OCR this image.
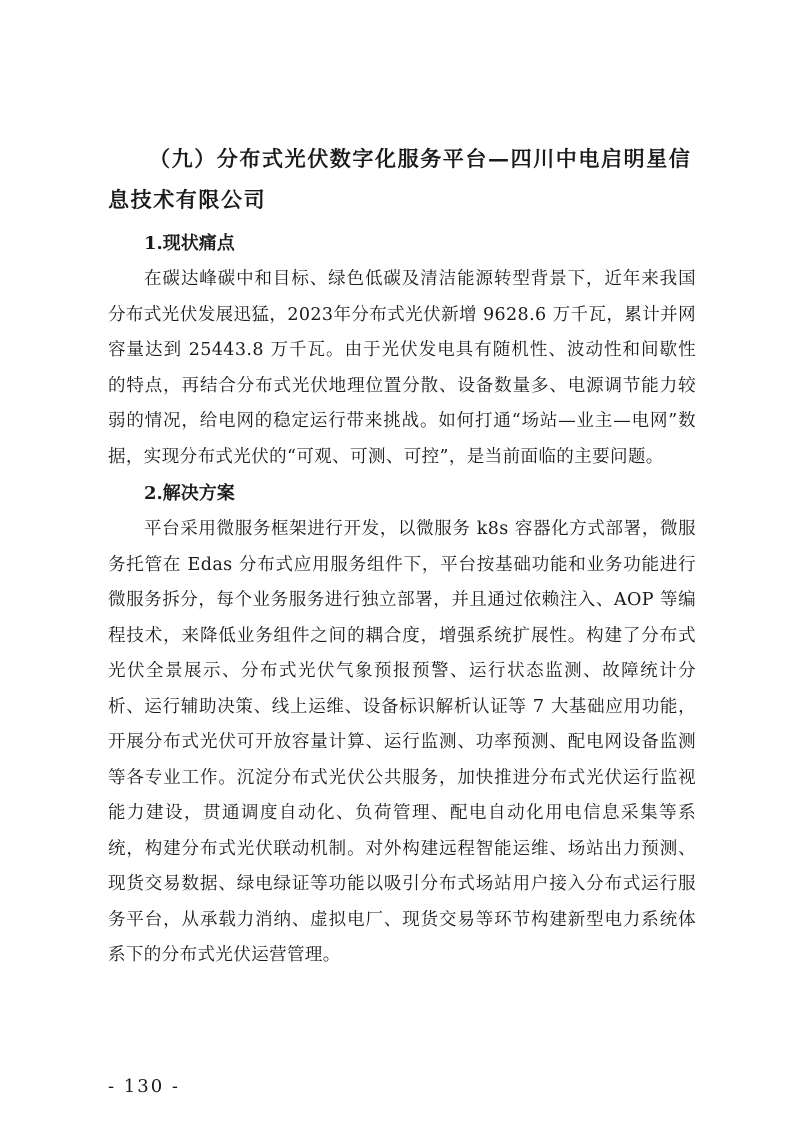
（九）分布式光伏数字化服务平台—四川中电启明星信息技术有限公司

1.现状痛点

在碳达峰碳中和目标、绿色低碳及清洁能源转型背景下，近年来我国分布式光伏发展迅猛，2023年分布式光伏新增 9628.6 万千瓦，累计并网容量达到 25443.8 万千瓦。由于光伏发电具有随机性、波动性和间歇性的特点，再结合分布式光伏地理位置分散、设备数量多、电源调节能力较弱的情况，给电网的稳定运行带来挑战。如何打通“场站—业主—电网”数据，实现分布式光伏的“可观、可测、可控”，是当前面临的主要问题。

2.解决方案

平台采用微服务框架进行开发，以微服务 k8s 容器化方式部署，微服务托管在 Edas 分布式应用服务组件下，平台按基础功能和业务功能进行微服务拆分，每个业务服务进行独立部署，并且通过依赖注入、AOP 等编程技术，来降低业务组件之间的耦合度，增强系统扩展性。构建了分布式光伏全景展示、分布式光伏气象预报预警、运行状态监测、故障统计分析、运行辅助决策、线上运维、设备标识解析认证等 7 大基础应用功能，开展分布式光伏可开放容量计算、运行监测、功率预测、配电网设备监测等各专业工作。沉淀分布式光伏公共服务，加快推进分布式光伏运行监视能力建设，贯通调度自动化、负荷管理、配电自动化用电信息采集等系统，构建分布式光伏联动机制。对外构建远程智能运维、场站出力预测、现货交易数据、绿电绿证等功能以吸引分布式场站用户接入分布式运行服务平台，从承载力消纳、虚拟电厂、现货交易等环节构建新型电力系统体系下的分布式光伏运营管理。

- 130 -
